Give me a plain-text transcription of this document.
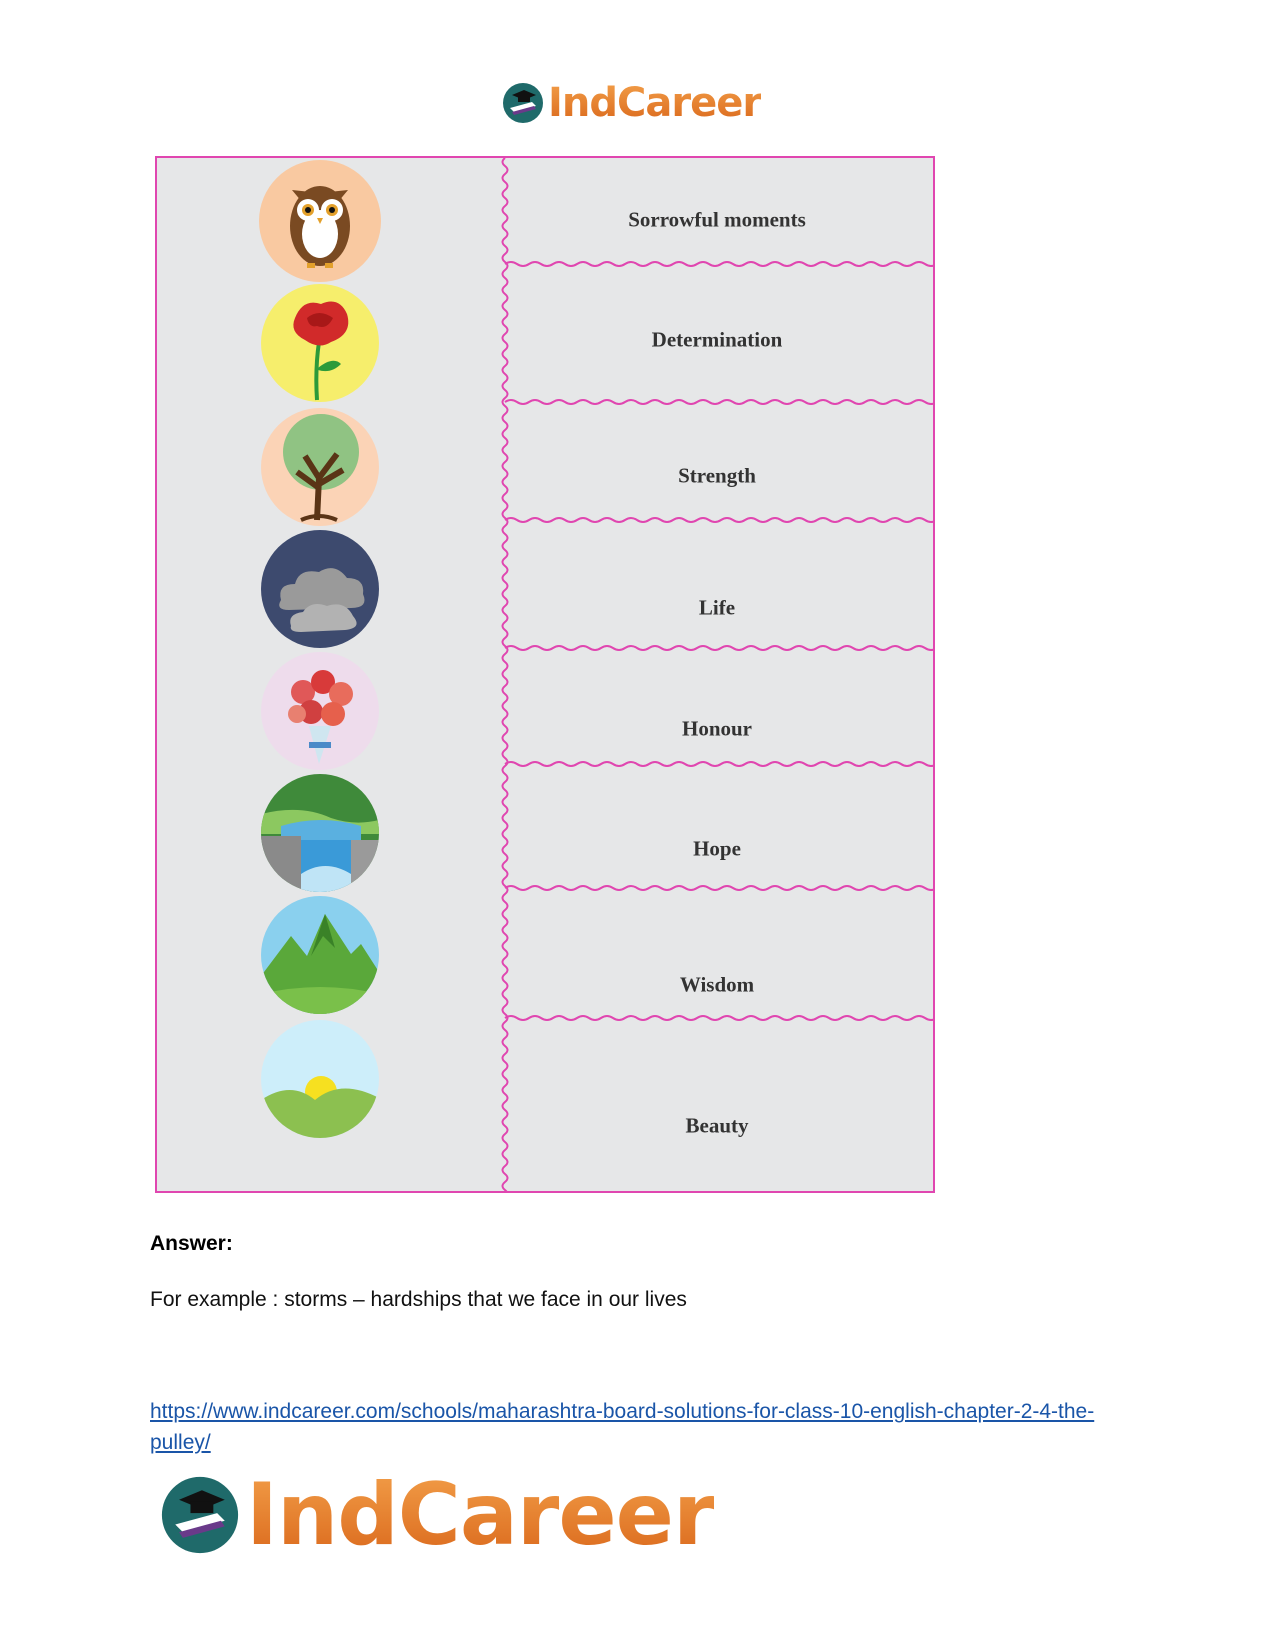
IndCareer
Sorrowful moments
Determination
Strength
Life
Honour
Hope
Wisdom
Beauty
Answer:
For example : storms – hardships that we face in our lives
https://www.indcareer.com/schools/maharashtra-board-solutions-for-class-10-english-chapter-2-4-the-pulley/
IndCareer
